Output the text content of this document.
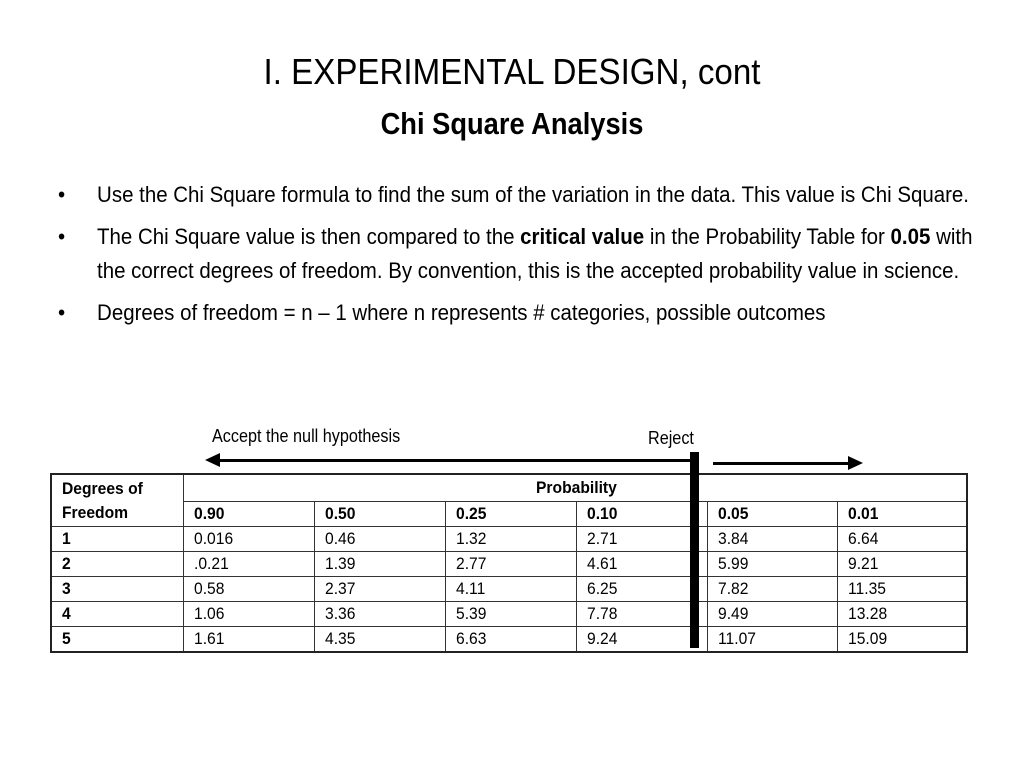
I. EXPERIMENTAL DESIGN, cont
Chi Square Analysis
• Use the Chi Square formula to find the sum of the variation in the data. This value is Chi Square.
• The Chi Square value is then compared to the critical value in the Probability Table for 0.05 with the correct degrees of freedom. By convention, this is the accepted probability value in science.
• Degrees of freedom = n – 1 where n represents # categories, possible outcomes
Accept the null hypothesis	Reject
Degrees of
Freedom	Probability					
	0.90	0.50	0.25	0.10	0.05	0.01
1	0.016	0.46	1.32	2.71	3.84	6.64
2	.0.21	1.39	2.77	4.61	5.99	9.21
3	0.58	2.37	4.11	6.25	7.82	11.35
4	1.06	3.36	5.39	7.78	9.49	13.28
5	1.61	4.35	6.63	9.24	11.07	15.09
